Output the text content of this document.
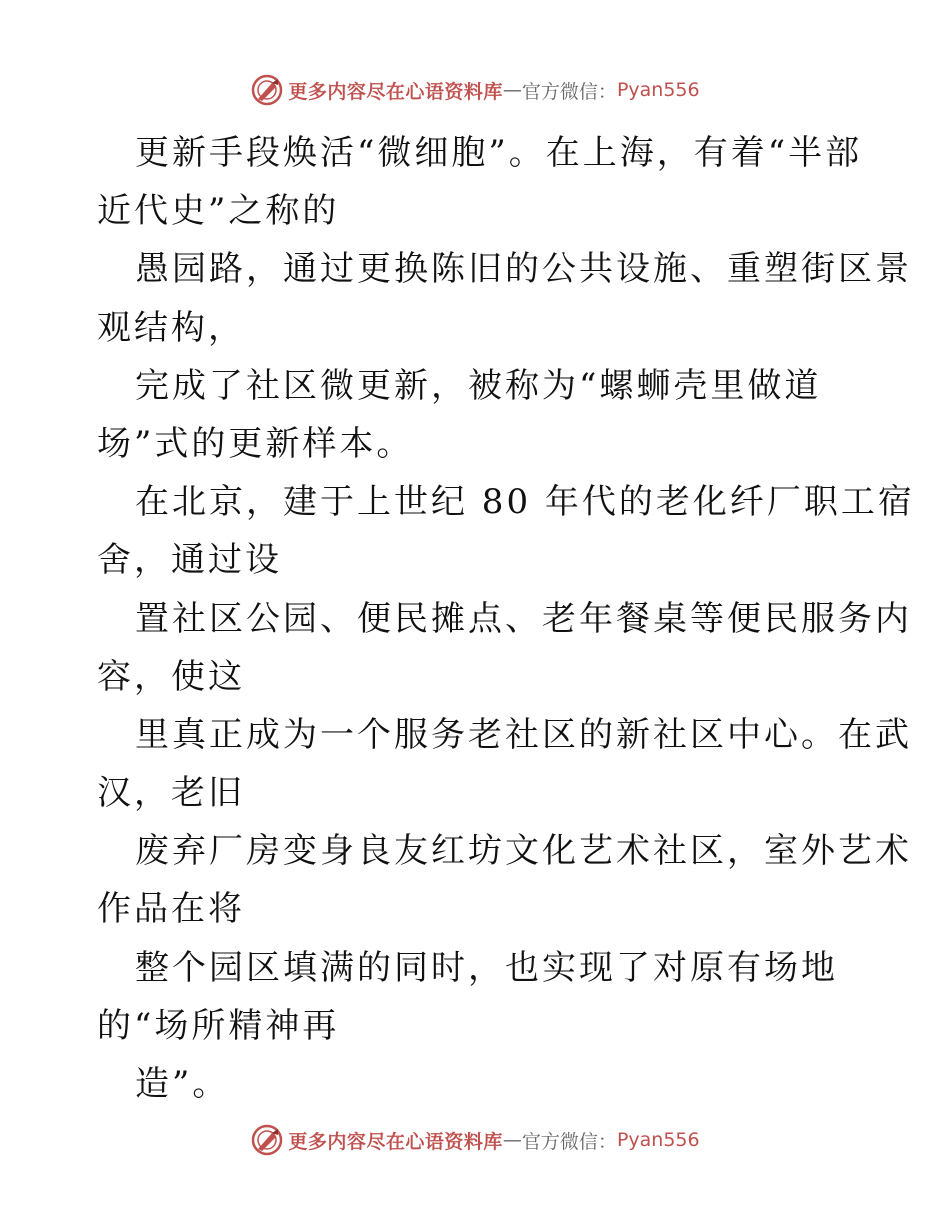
更多内容尽在心语资料库 — 官方微信： Pyan556
更新手段焕活“微细胞”。在上海，有着“半部
近代史”之称的
愚园路，通过更换陈旧的公共设施、重塑街区景
观结构，
完成了社区微更新，被称为“螺蛳壳里做道
场”式的更新样本。
在北京，建于上世纪 80 年代的老化纤厂职工宿
舍，通过设
置社区公园、便民摊点、老年餐桌等便民服务内
容，使这
里真正成为一个服务老社区的新社区中心。在武
汉，老旧
废弃厂房变身良友红坊文化艺术社区，室外艺术
作品在将
整个园区填满的同时，也实现了对原有场地
的“场所精神再
造”。
更多内容尽在心语资料库 — 官方微信： Pyan556
